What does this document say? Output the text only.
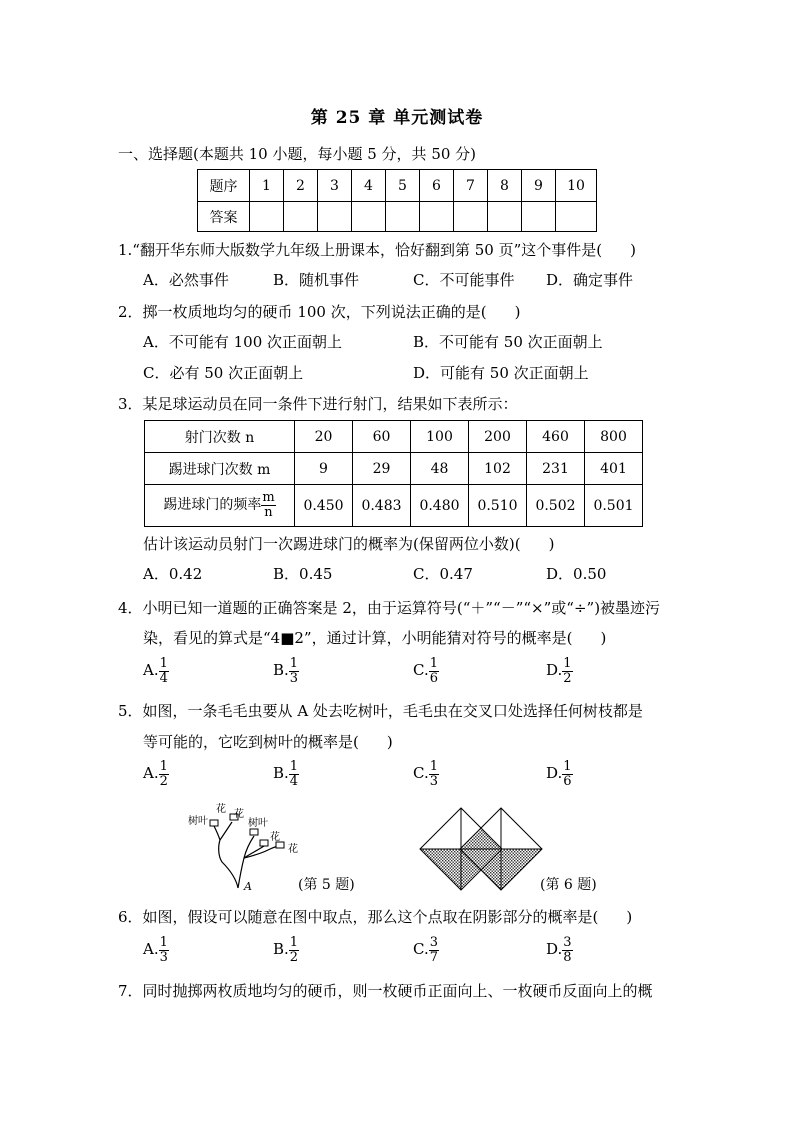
第 25 章 单元测试卷
一、选择题(本题共 10 小题，每小题 5 分，共 50 分)
题序	1	2	3	4	5	6	7	8	9	10
答案										
1.“翻开华东师大版数学九年级上册课本，恰好翻到第 50 页”这个事件是( )
A．必然事件	B．随机事件	C．不可能事件 D．确定事件
2．掷一枚质地均匀的硬币 100 次，下列说法正确的是( )
A．不可能有 100 次正面朝上	B．不可能有 50 次正面朝上
C．必有 50 次正面朝上	D．可能有 50 次正面朝上
3．某足球运动员在同一条件下进行射门，结果如下表所示：
射门次数 n	20	60	100	200	460	800
踢进球门次数 m	9	29	48	102	231	401
踢进球门的频率 $\frac{m}{n}$	0.450	0.483	0.480	0.510	0.502	0.501
估计该运动员射门一次踢进球门的概率为(保留两位小数)( )
A．0.42	B．0.45	C．0.47	D．0.50
4．小明已知一道题的正确答案是 2，由于运算符号(“＋”“－”“×”或“÷”)被墨迹污
染，看见的算式是“4■2”，通过计算，小明能猜对符号的概率是( )
A. $\frac{1}{4}$	B. $\frac{1}{3}$	C. $\frac{1}{6}$	D. $\frac{1}{2}$
5．如图，一条毛毛虫要从 A 处去吃树叶，毛毛虫在交叉口处选择任何树枝都是
等可能的，它吃到树叶的概率是( )
A. $\frac{1}{2}$	B. $\frac{1}{4}$	C. $\frac{1}{3}$	D. $\frac{1}{6}$
树叶
花 花
树叶
花
花
A	(第 5 题)	(第 6 题)
6．如图，假设可以随意在图中取点，那么这个点取在阴影部分的概率是( )
A. $\frac{1}{3}$	B. $\frac{1}{2}$	C. $\frac{3}{7}$	D. $\frac{3}{8}$
7．同时抛掷两枚质地均匀的硬币，则一枚硬币正面向上、一枚硬币反面向上的概
